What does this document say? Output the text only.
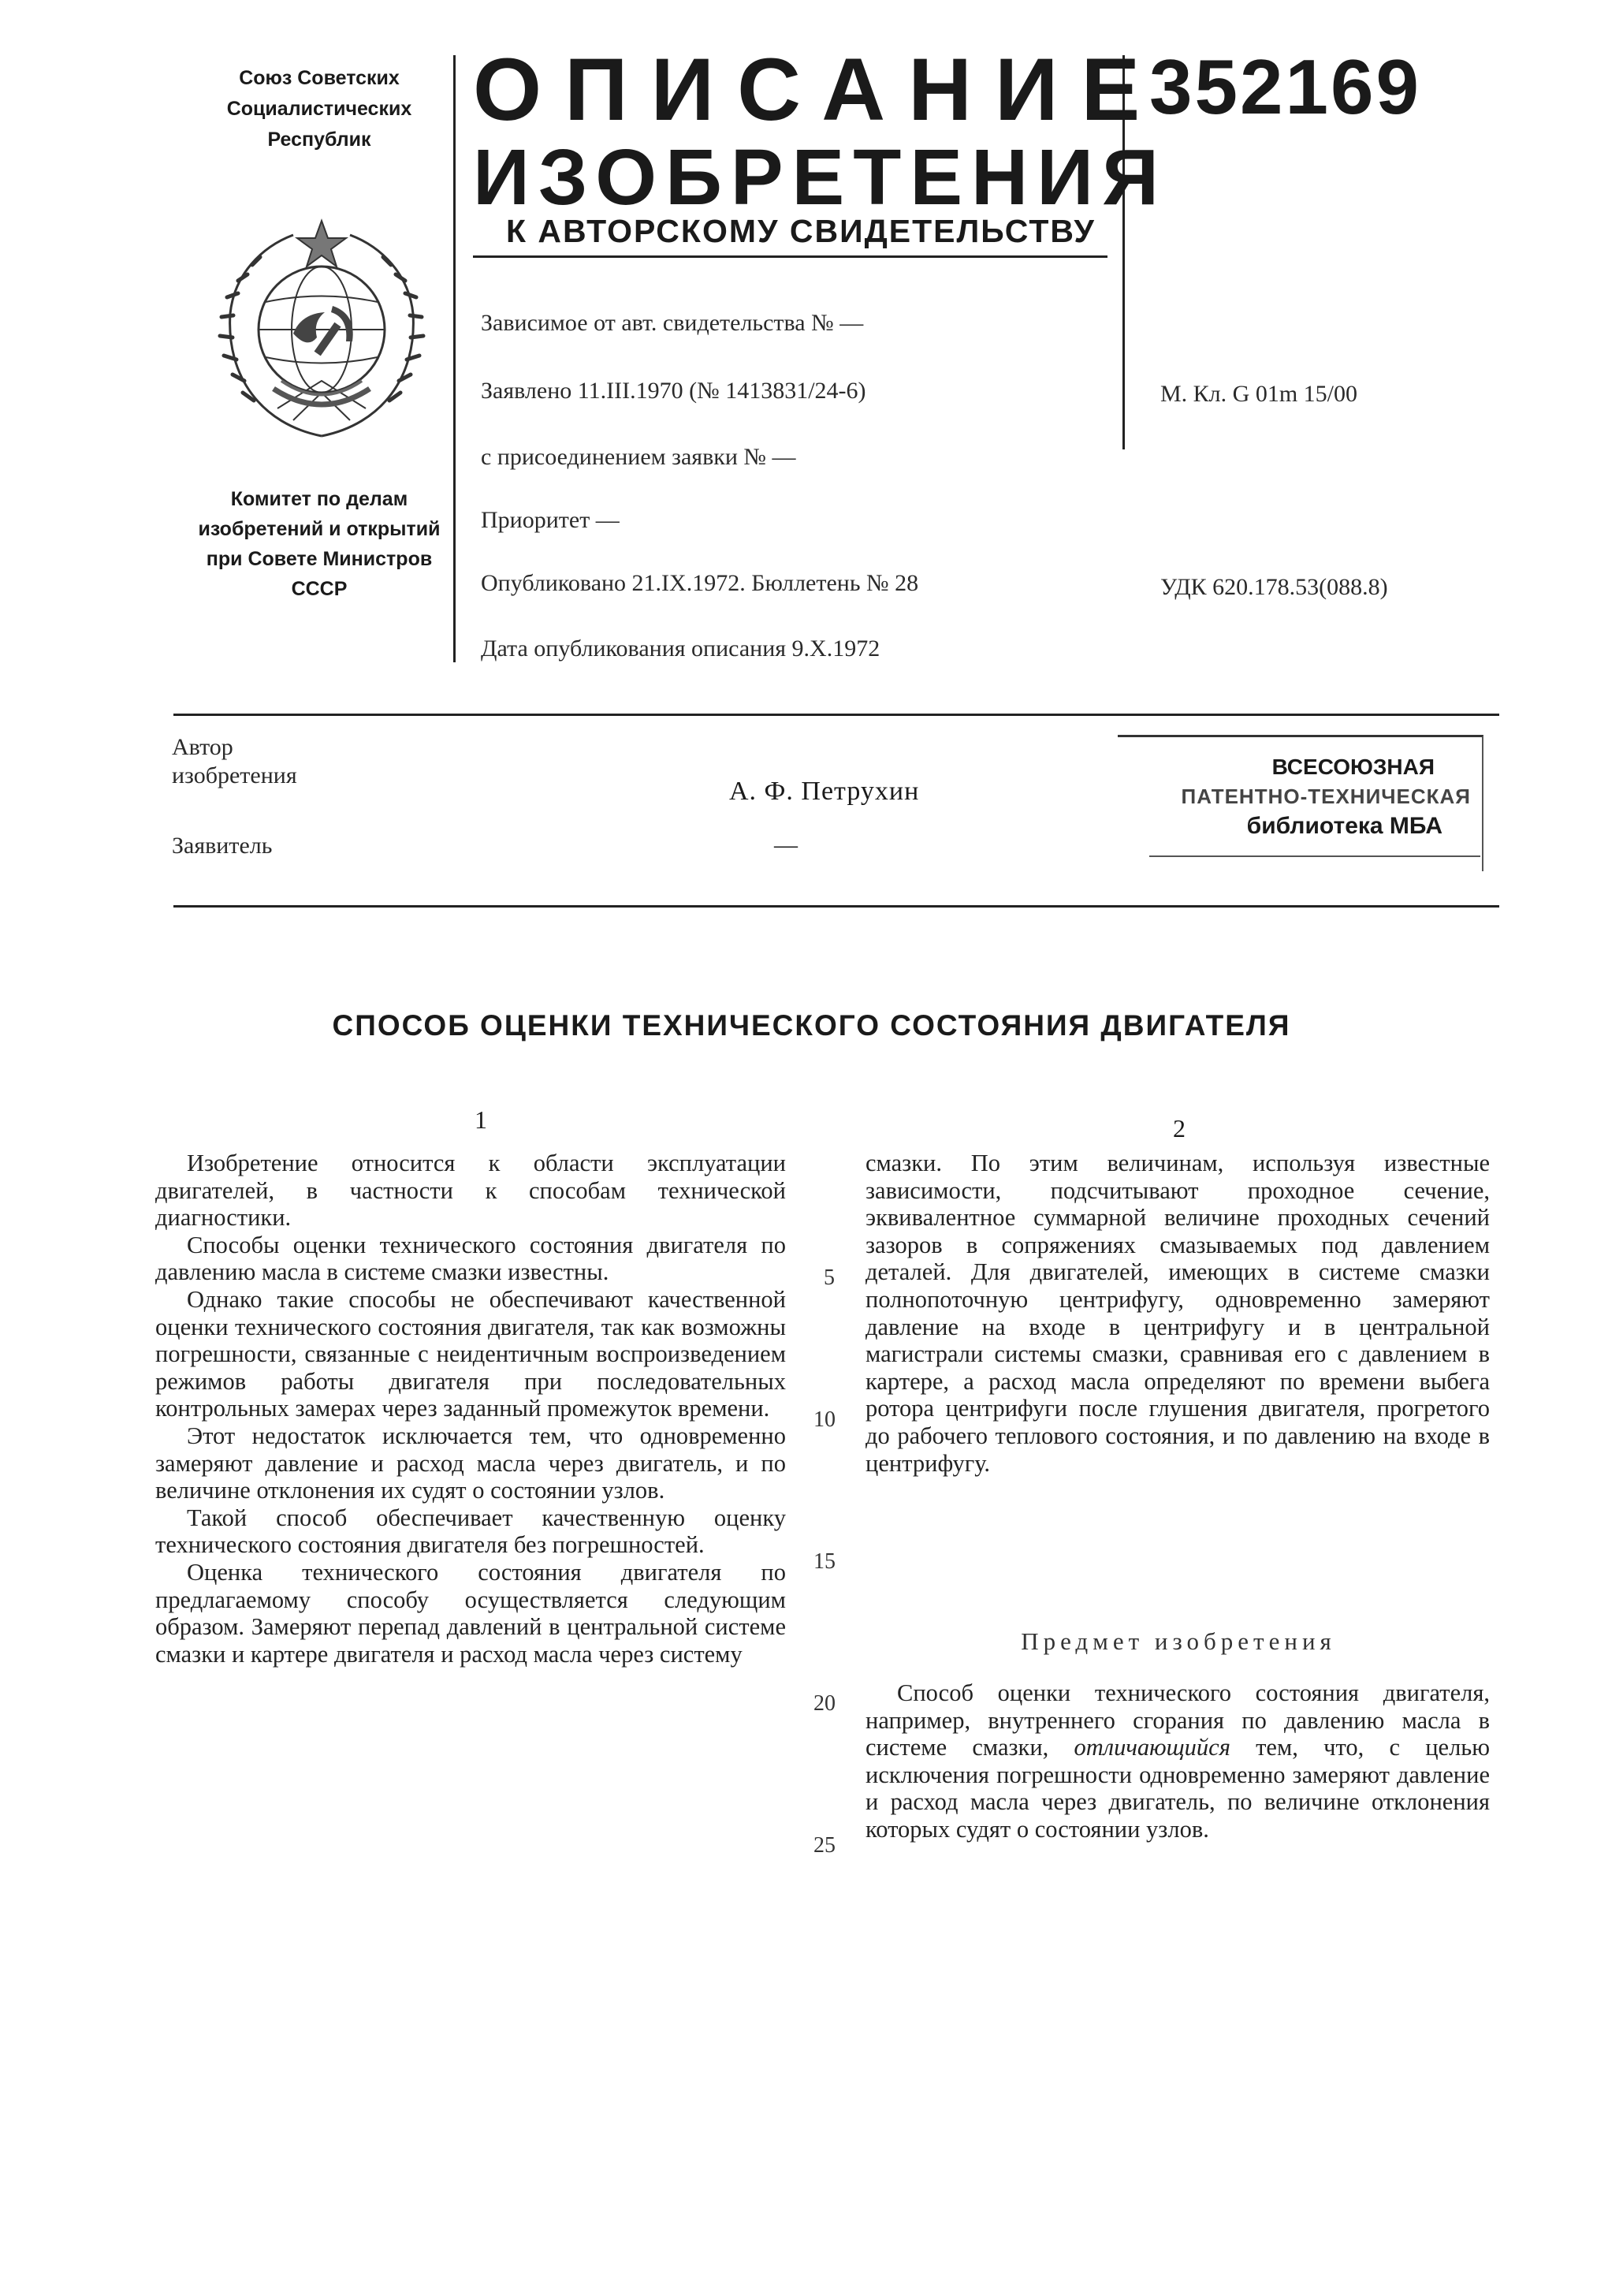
Союз Советских
Социалистических
Республик
Комитет по делам
изобретений и открытий
при Совете Министров
СССР
ОПИСАНИЕ
ИЗОБРЕТЕНИЯ
К АВТОРСКОМУ СВИДЕТЕЛЬСТВУ
352169
Зависимое от авт. свидетельства № —
Заявлено 11.III.1970 (№ 1413831/24-6)
с присоединением заявки № —
Приоритет —
Опубликовано 21.IX.1972. Бюллетень № 28
Дата опубликования описания 9.X.1972
М. Кл. G 01m 15/00
УДК 620.178.53(088.8)
Автор
изобретения
Заявитель
А. Ф. Петрухин
—
ВСЕСОЮЗНАЯ
ПАТЕНТНО-ТЕХНИЧЕСКАЯ
библиотека МБА
СПОСОБ ОЦЕНКИ ТЕХНИЧЕСКОГО СОСТОЯНИЯ ДВИГАТЕЛЯ
1	2

Изобретение относится к области эксплуатации двигателей, в частности к способам технической диагностики.

Способы оценки технического состояния двигателя по давлению масла в системе смазки известны.

Однако такие способы не обеспечивают качественной оценки технического состояния двигателя, так как возможны погрешности, связанные с неидентичным воспроизведением режимов работы двигателя при последовательных контрольных замерах через заданный промежуток времени.

Этот недостаток исключается тем, что одновременно замеряют давление и расход масла через двигатель, и по величине отклонения их судят о состоянии узлов.

Такой способ обеспечивает качественную оценку технического состояния двигателя без погрешностей.

Оценка технического состояния двигателя по предлагаемому способу осуществляется следующим образом. Замеряют перепад давлений в центральной системе смазки и картере двигателя и расход масла через систему

5
10
15
20
25

смазки. По этим величинам, используя известные зависимости, подсчитывают проходное сечение, эквивалентное суммарной величине проходных сечений зазоров в сопряжениях смазываемых под давлением деталей. Для двигателей, имеющих в системе смазки полнопоточную центрифугу, одновременно замеряют давление на входе в центрифугу и в центральной магистрали системы смазки, сравнивая его с давлением в картере, а расход масла определяют по времени выбега ротора центрифуги после глушения двигателя, прогретого до рабочего теплового состояния, и по давлению на входе в центрифугу.

Предмет изобретения

Способ оценки технического состояния двигателя, например, внутреннего сгорания по давлению масла в системе смазки, отличающийся тем, что, с целью исключения погрешности одновременно замеряют давление и расход масла через двигатель, по величине отклонения которых судят о состоянии узлов.
